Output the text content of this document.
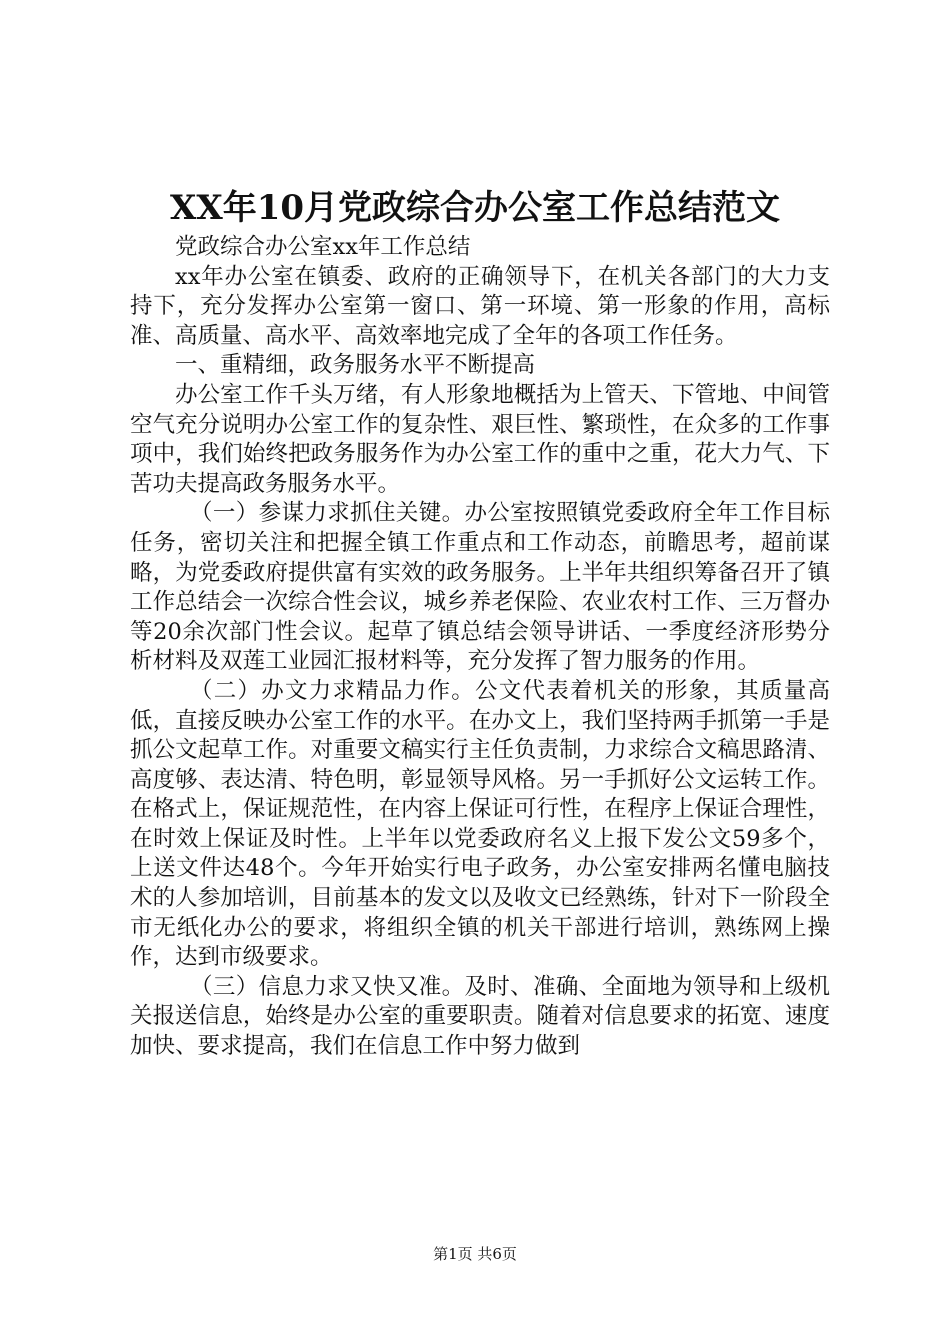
XX年10月党政综合办公室工作总结范文

党政综合办公室xx年工作总结

xx年办公室在镇委、政府的正确领导下，在机关各部门的大力支持下，充分发挥办公室第一窗口、第一环境、第一形象的作用，高标准、高质量、高水平、高效率地完成了全年的各项工作任务。

一、重精细，政务服务水平不断提高

办公室工作千头万绪，有人形象地概括为上管天、下管地、中间管空气充分说明办公室工作的复杂性、艰巨性、繁琐性，在众多的工作事项中，我们始终把政务服务作为办公室工作的重中之重，花大力气、下苦功夫提高政务服务水平。

（一）参谋力求抓住关键。办公室按照镇党委政府全年工作目标任务，密切关注和把握全镇工作重点和工作动态，前瞻思考，超前谋略，为党委政府提供富有实效的政务服务。上半年共组织筹备召开了镇工作总结会一次综合性会议，城乡养老保险、农业农村工作、三万督办等20余次部门性会议。起草了镇总结会领导讲话、一季度经济形势分析材料及双莲工业园汇报材料等，充分发挥了智力服务的作用。

（二）办文力求精品力作。公文代表着机关的形象，其质量高低，直接反映办公室工作的水平。在办文上，我们坚持两手抓第一手是抓公文起草工作。对重要文稿实行主任负责制，力求综合文稿思路清、高度够、表达清、特色明，彰显领导风格。另一手抓好公文运转工作。在格式上，保证规范性，在内容上保证可行性，在程序上保证合理性，在时效上保证及时性。上半年以党委政府名义上报下发公文59多个，上送文件达48个。今年开始实行电子政务，办公室安排两名懂电脑技术的人参加培训，目前基本的发文以及收文已经熟练，针对下一阶段全市无纸化办公的要求，将组织全镇的机关干部进行培训，熟练网上操作，达到市级要求。

（三）信息力求又快又准。及时、准确、全面地为领导和上级机关报送信息，始终是办公室的重要职责。随着对信息要求的拓宽、速度加快、要求提高，我们在信息工作中努力做到

第1页 共6页
